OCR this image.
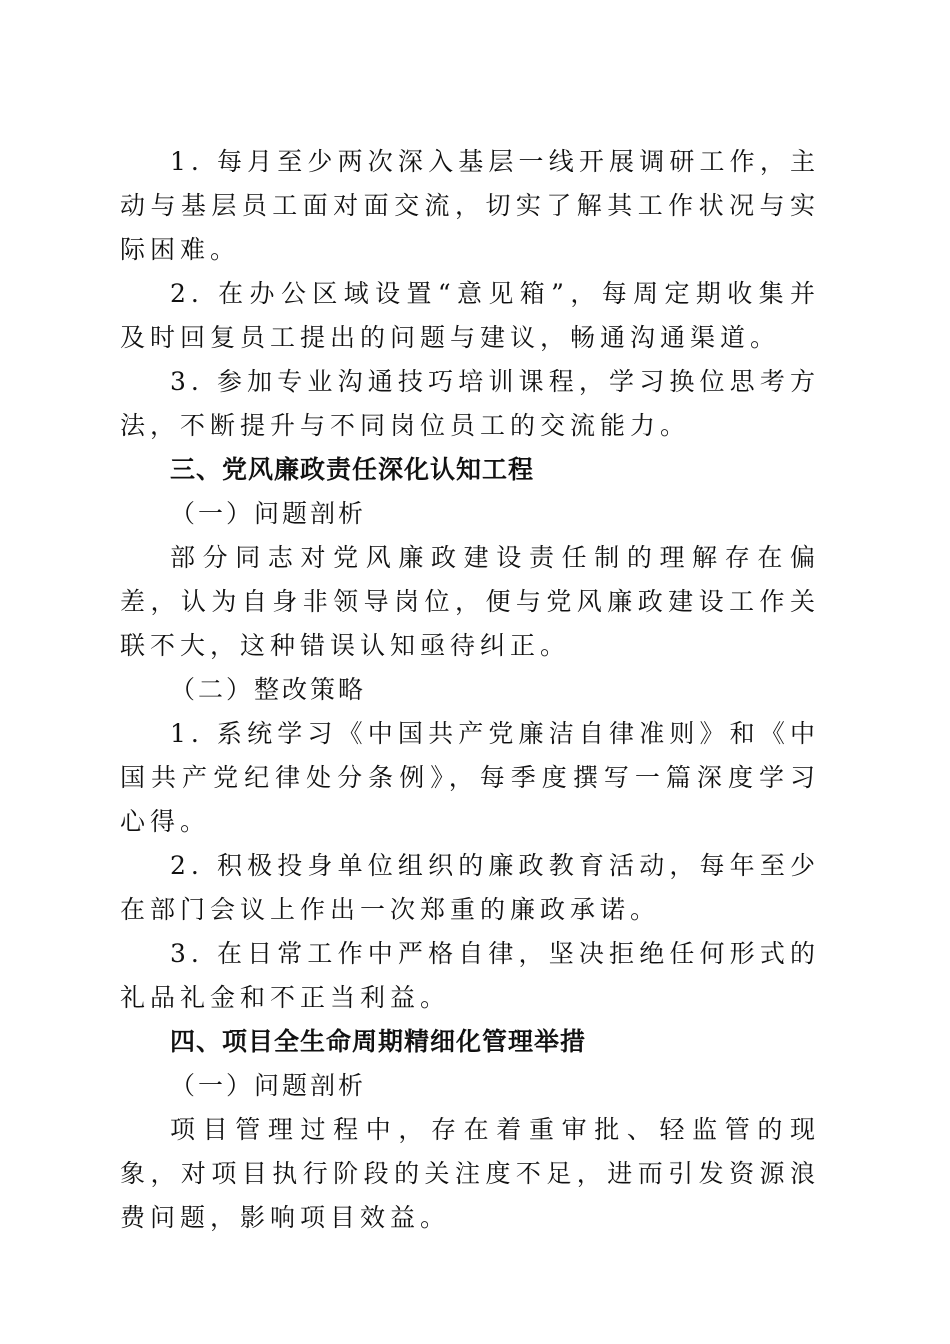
1. 每月至少两次深入基层一线开展调研工作，主动与基层员工面对面交流，切实了解其工作状况与实际困难。

2. 在办公区域设置“意见箱”，每周定期收集并及时回复员工提出的问题与建议，畅通沟通渠道。

3. 参加专业沟通技巧培训课程，学习换位思考方法，不断提升与不同岗位员工的交流能力。

三、党风廉政责任深化认知工程

（一）问题剖析

部分同志对党风廉政建设责任制的理解存在偏差，认为自身非领导岗位，便与党风廉政建设工作关联不大，这种错误认知亟待纠正。

（二）整改策略

1. 系统学习《中国共产党廉洁自律准则》和《中国共产党纪律处分条例》，每季度撰写一篇深度学习心得。

2. 积极投身单位组织的廉政教育活动，每年至少在部门会议上作出一次郑重的廉政承诺。

3. 在日常工作中严格自律，坚决拒绝任何形式的礼品礼金和不正当利益。

四、项目全生命周期精细化管理举措

（一）问题剖析

项目管理过程中，存在着重审批、轻监管的现象，对项目执行阶段的关注度不足，进而引发资源浪费问题，影响项目效益。
